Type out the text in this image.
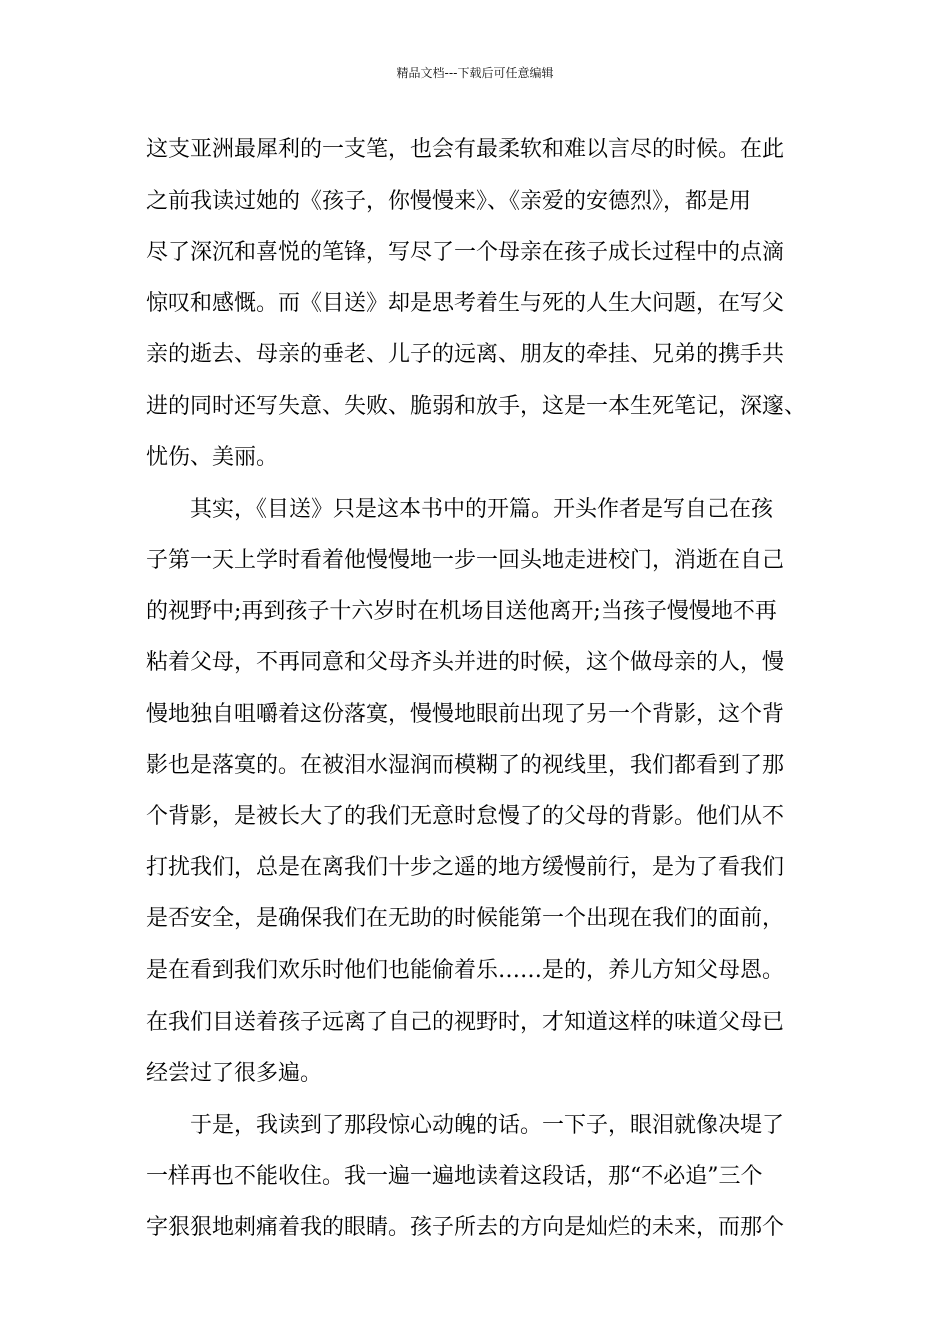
精品文档---下载后可任意编辑
这支亚洲最犀利的一支笔，也会有最柔软和难以言尽的时候。在此
之前我读过她的《孩子，你慢慢来》、《亲爱的安德烈》，都是用
尽了深沉和喜悦的笔锋，写尽了一个母亲在孩子成长过程中的点滴
惊叹和感慨。而《目送》却是思考着生与死的人生大问题，在写父
亲的逝去、母亲的垂老、儿子的远离、朋友的牵挂、兄弟的携手共
进的同时还写失意、失败、脆弱和放手，这是一本生死笔记，深邃、
忧伤、美丽。
　　其实，《目送》只是这本书中的开篇。开头作者是写自己在孩
子第一天上学时看着他慢慢地一步一回头地走进校门，消逝在自己
的视野中;再到孩子十六岁时在机场目送他离开;当孩子慢慢地不再
粘着父母，不再同意和父母齐头并进的时候，这个做母亲的人，慢
慢地独自咀嚼着这份落寞，慢慢地眼前出现了另一个背影，这个背
影也是落寞的。在被泪水湿润而模糊了的视线里，我们都看到了那
个背影，是被长大了的我们无意时怠慢了的父母的背影。他们从不
打扰我们，总是在离我们十步之遥的地方缓慢前行，是为了看我们
是否安全，是确保我们在无助的时候能第一个出现在我们的面前，
是在看到我们欢乐时他们也能偷着乐……是的，养儿方知父母恩。
在我们目送着孩子远离了自己的视野时，才知道这样的味道父母已
经尝过了很多遍。
　　于是，我读到了那段惊心动魄的话。一下子，眼泪就像决堤了
一样再也不能收住。我一遍一遍地读着这段话，那“不必追”三个
字狠狠地刺痛着我的眼睛。孩子所去的方向是灿烂的未来，而那个
